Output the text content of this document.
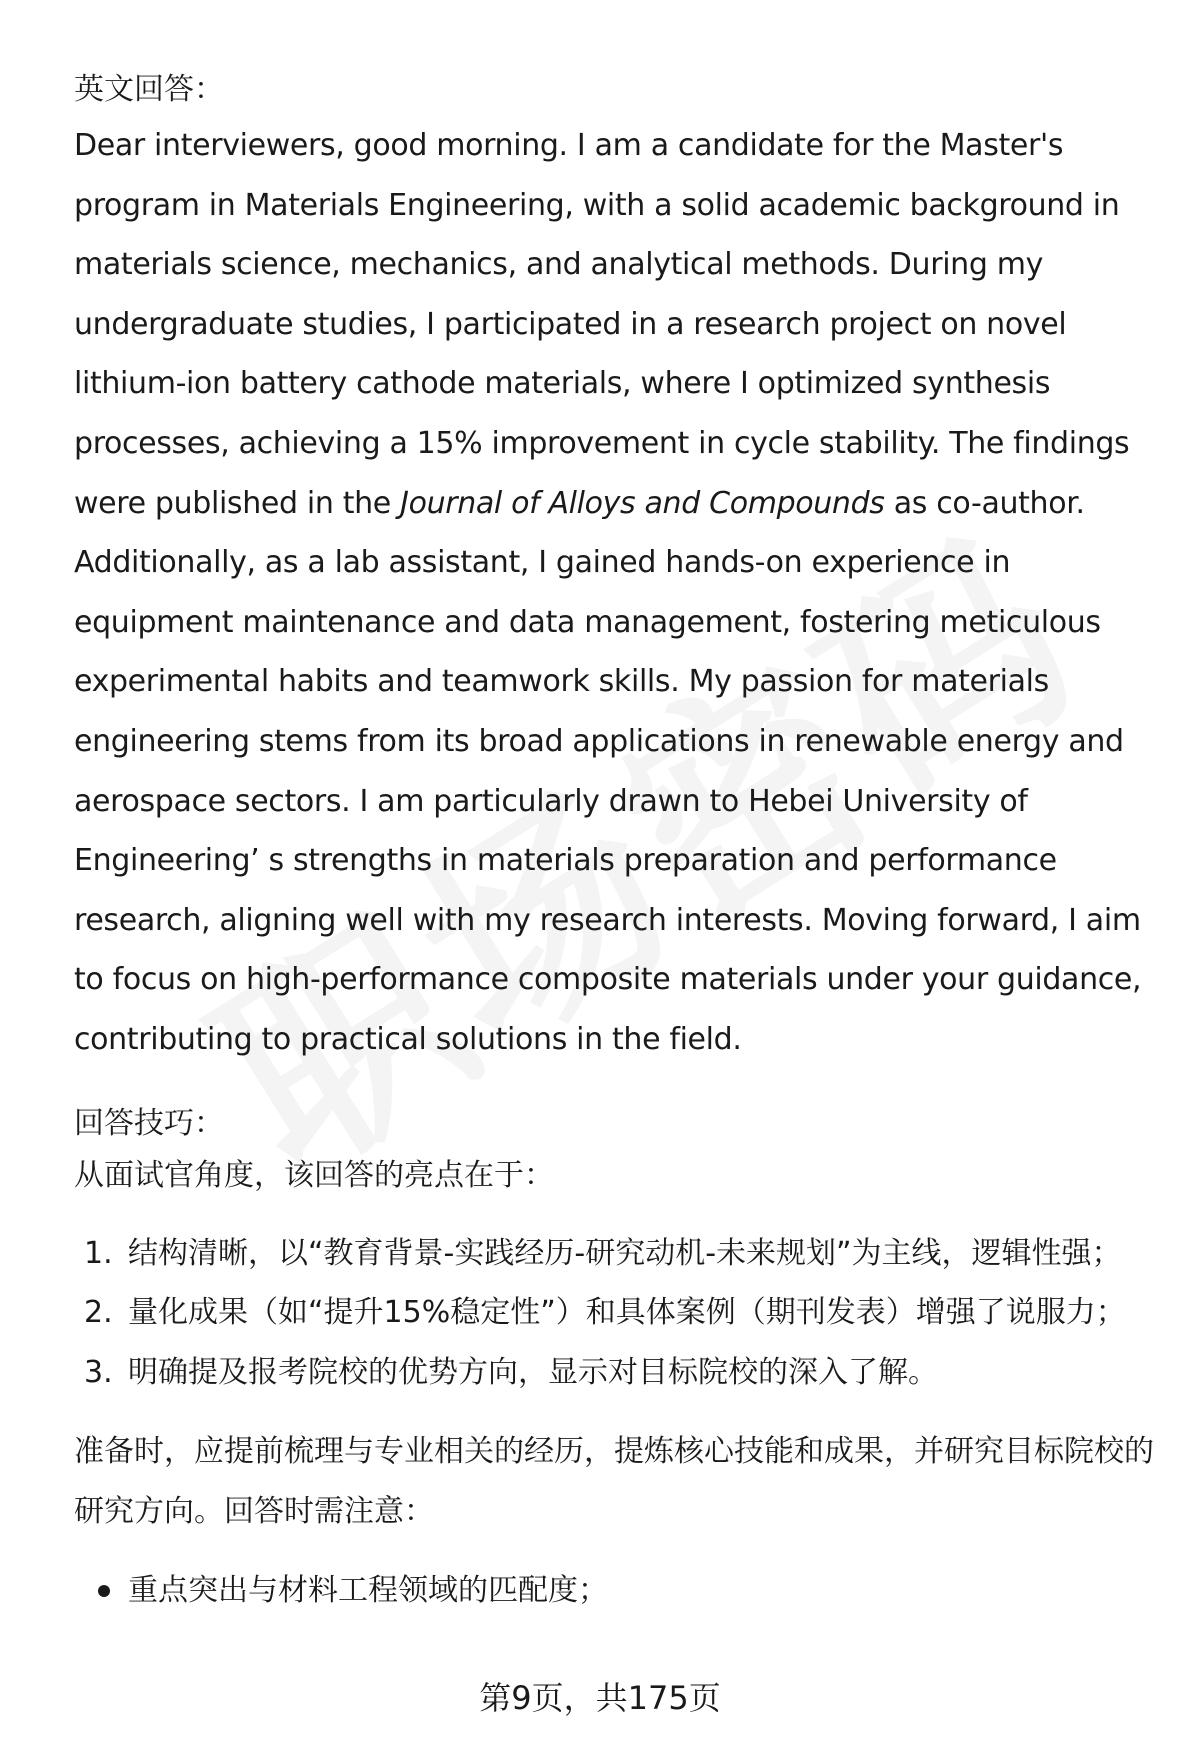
英文回答：

Dear interviewers, good morning. I am a candidate for the Master's program in Materials Engineering, with a solid academic background in materials science, mechanics, and analytical methods. During my undergraduate studies, I participated in a research project on novel lithium-ion battery cathode materials, where I optimized synthesis processes, achieving a 15% improvement in cycle stability. The findings were published in the Journal of Alloys and Compounds as co-author. Additionally, as a lab assistant, I gained hands-on experience in equipment maintenance and data management, fostering meticulous experimental habits and teamwork skills. My passion for materials engineering stems from its broad applications in renewable energy and aerospace sectors. I am particularly drawn to Hebei University of Engineering’ s strengths in materials preparation and performance research, aligning well with my research interests. Moving forward, I aim to focus on high-performance composite materials under your guidance, contributing to practical solutions in the field.

回答技巧：

从面试官角度，该回答的亮点在于：

1. 结构清晰，以“教育背景-实践经历-研究动机-未来规划”为主线，逻辑性强；
2. 量化成果（如“提升15%稳定性”）和具体案例（期刊发表）增强了说服力；
3. 明确提及报考院校的优势方向，显示对目标院校的深入了解。

准备时，应提前梳理与专业相关的经历，提炼核心技能和成果，并研究目标院校的研究方向。回答时需注意：

重点突出与材料工程领域的匹配度；
第9页，共175页
